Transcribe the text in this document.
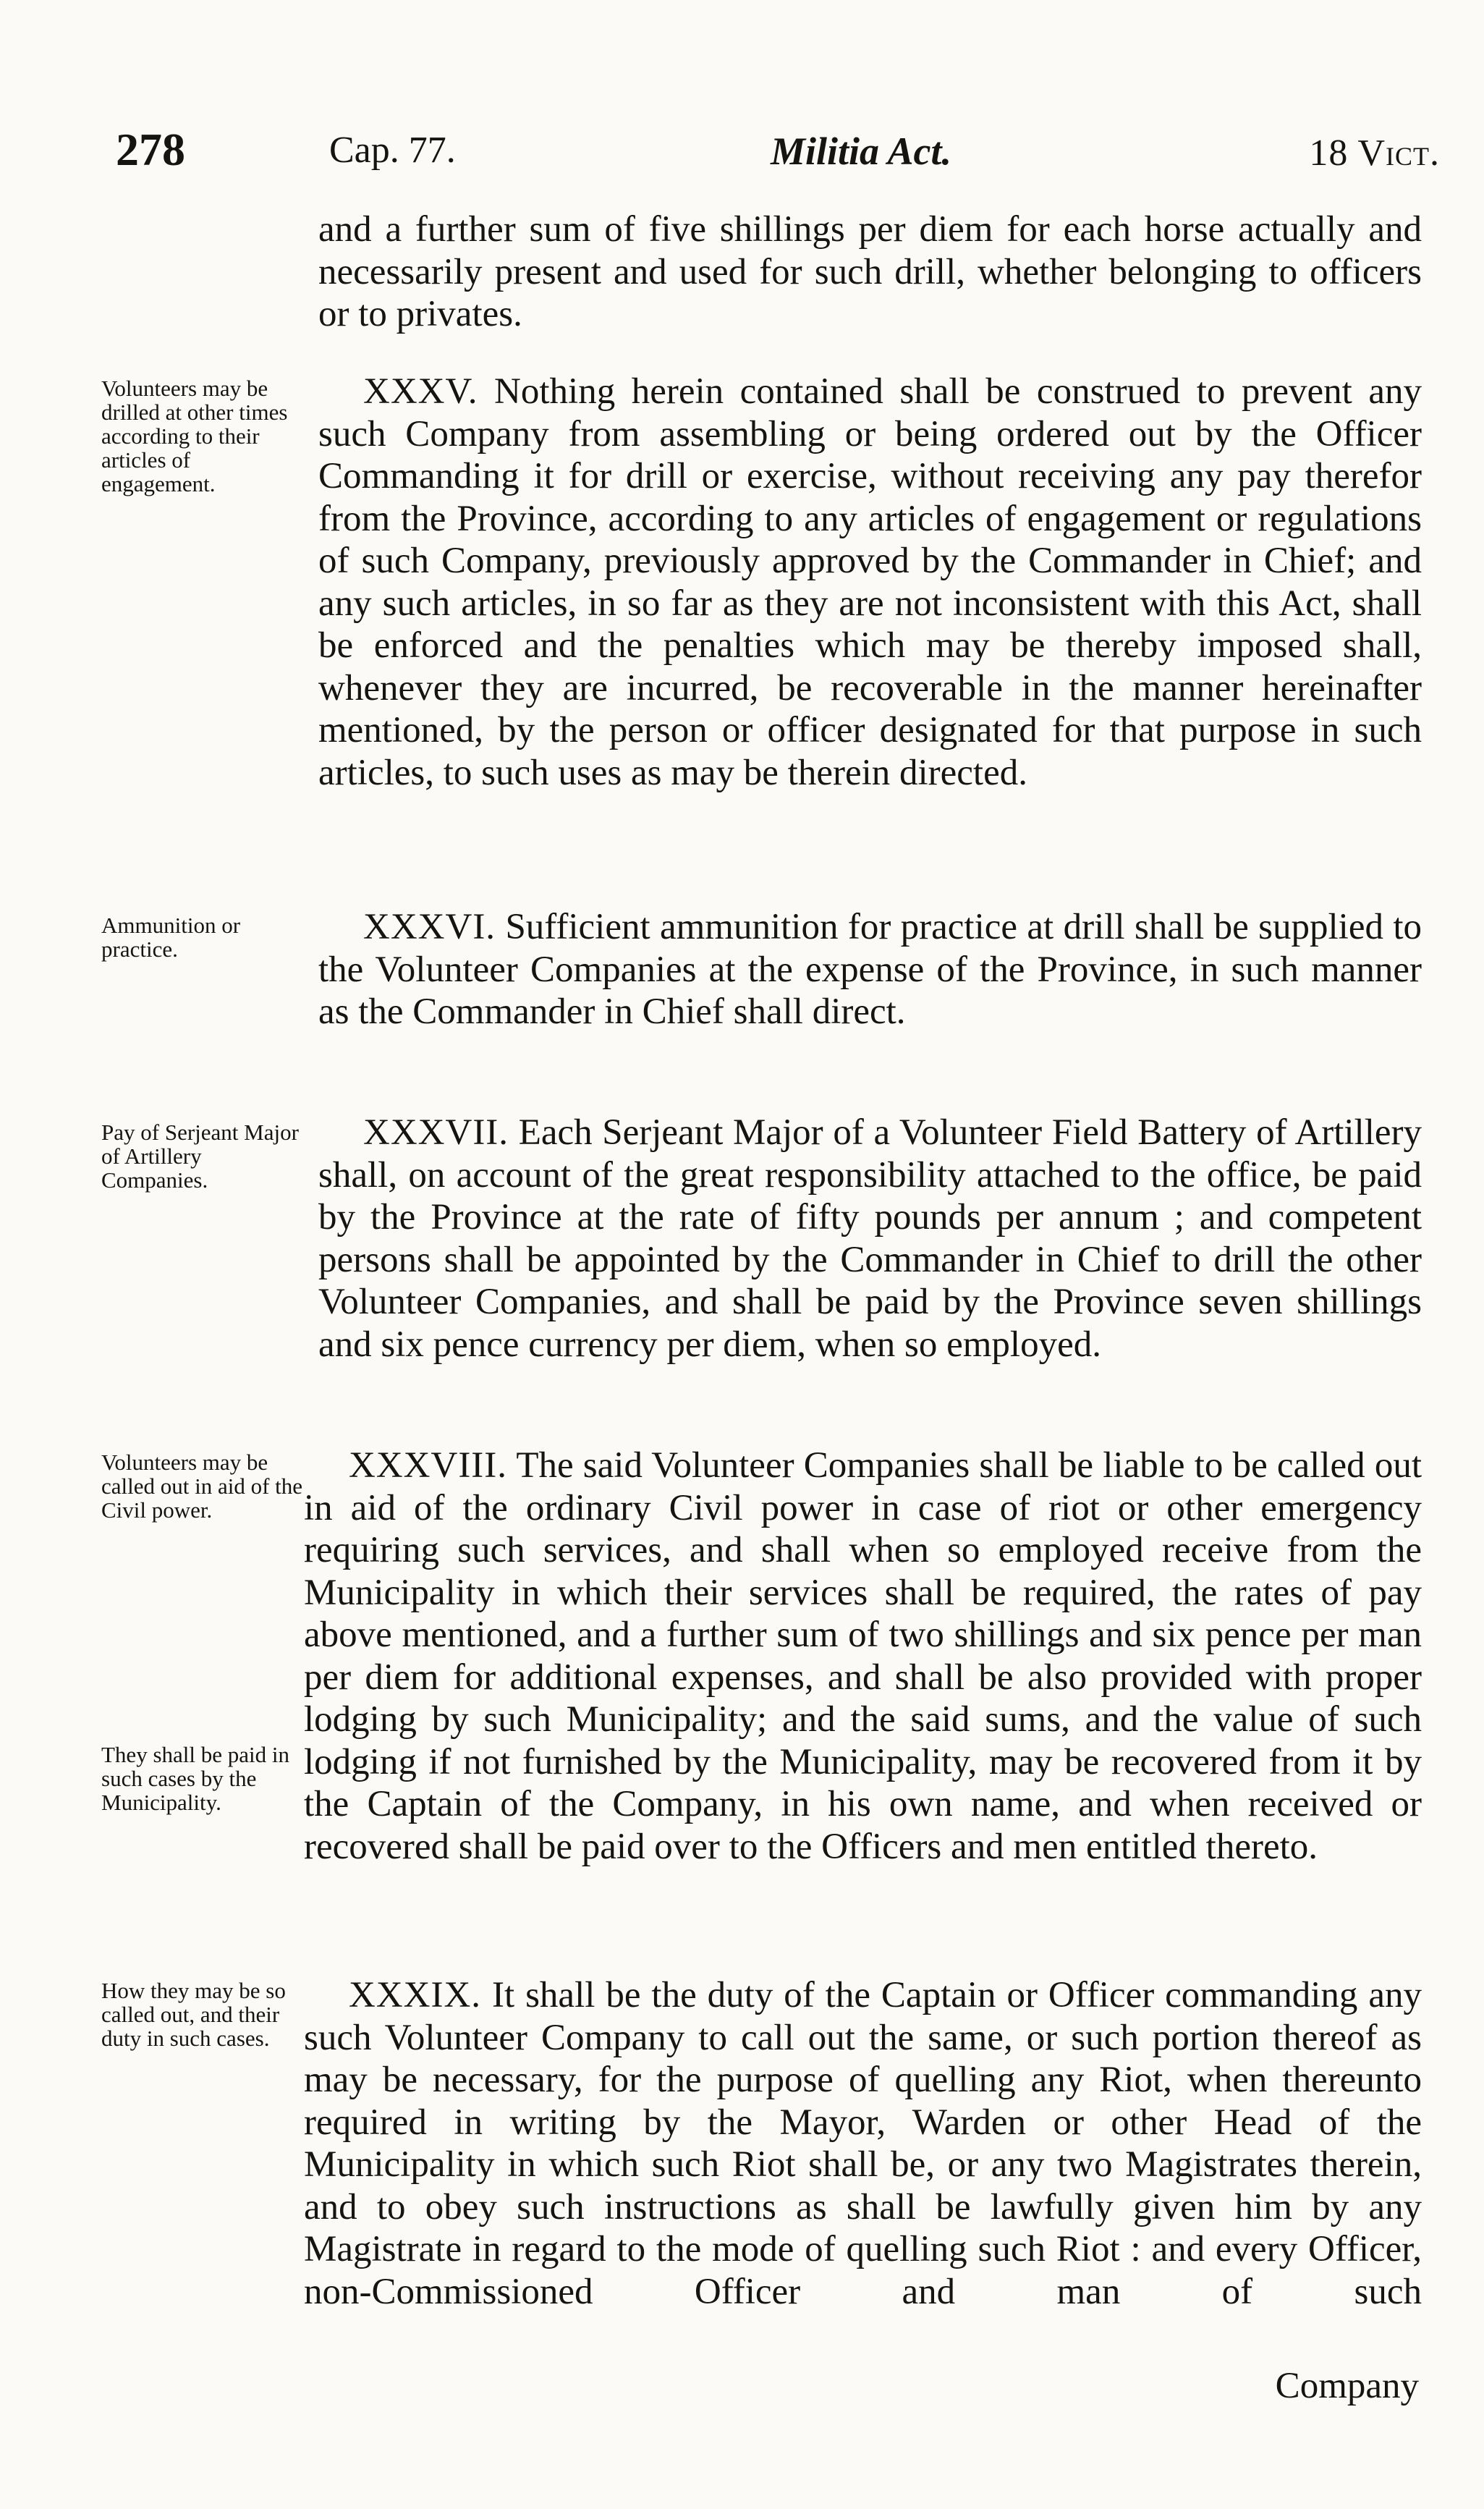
278	Cap. 77.	Militia Act.	18 Vict.
and a further sum of five shillings per diem for each horse actually and necessarily present and used for such drill, whether belonging to officers or to privates.
Volunteers may be drilled at other times according to their articles of engagement.
XXXV. Nothing herein contained shall be construed to prevent any such Company from assembling or being ordered out by the Officer Commanding it for drill or exercise, without receiving any pay therefor from the Province, according to any articles of engagement or regulations of such Company, previously approved by the Commander in Chief; and any such articles, in so far as they are not inconsistent with this Act, shall be enforced and the penalties which may be thereby imposed shall, whenever they are incurred, be recoverable in the manner hereinafter mentioned, by the person or officer designated for that purpose in such articles, to such uses as may be therein directed.
Ammunition or practice.
XXXVI. Sufficient ammunition for practice at drill shall be supplied to the Volunteer Companies at the expense of the Province, in such manner as the Commander in Chief shall direct.
Pay of Serjeant Major of Artillery Companies.
XXXVII. Each Serjeant Major of a Volunteer Field Battery of Artillery shall, on account of the great responsibility attached to the office, be paid by the Province at the rate of fifty pounds per annum ; and competent persons shall be appointed by the Commander in Chief to drill the other Volunteer Companies, and shall be paid by the Province seven shillings and six pence currency per diem, when so employed.
Volunteers may be called out in aid of the Civil power.
They shall be paid in such cases by the Municipality.
XXXVIII. The said Volunteer Companies shall be liable to be called out in aid of the ordinary Civil power in case of riot or other emergency requiring such services, and shall when so employed receive from the Municipality in which their services shall be required, the rates of pay above mentioned, and a further sum of two shillings and six pence per man per diem for additional expenses, and shall be also provided with proper lodging by such Municipality; and the said sums, and the value of such lodging if not furnished by the Municipality, may be recovered from it by the Captain of the Company, in his own name, and when received or recovered shall be paid over to the Officers and men entitled thereto.
How they may be so called out, and their duty in such cases.
XXXIX. It shall be the duty of the Captain or Officer commanding any such Volunteer Company to call out the same, or such portion thereof as may be necessary, for the purpose of quelling any Riot, when thereunto required in writing by the Mayor, Warden or other Head of the Municipality in which such Riot shall be, or any two Magistrates therein, and to obey such instructions as shall be lawfully given him by any Magistrate in regard to the mode of quelling such Riot : and every Officer, non-Commissioned Officer and man of such
Company
